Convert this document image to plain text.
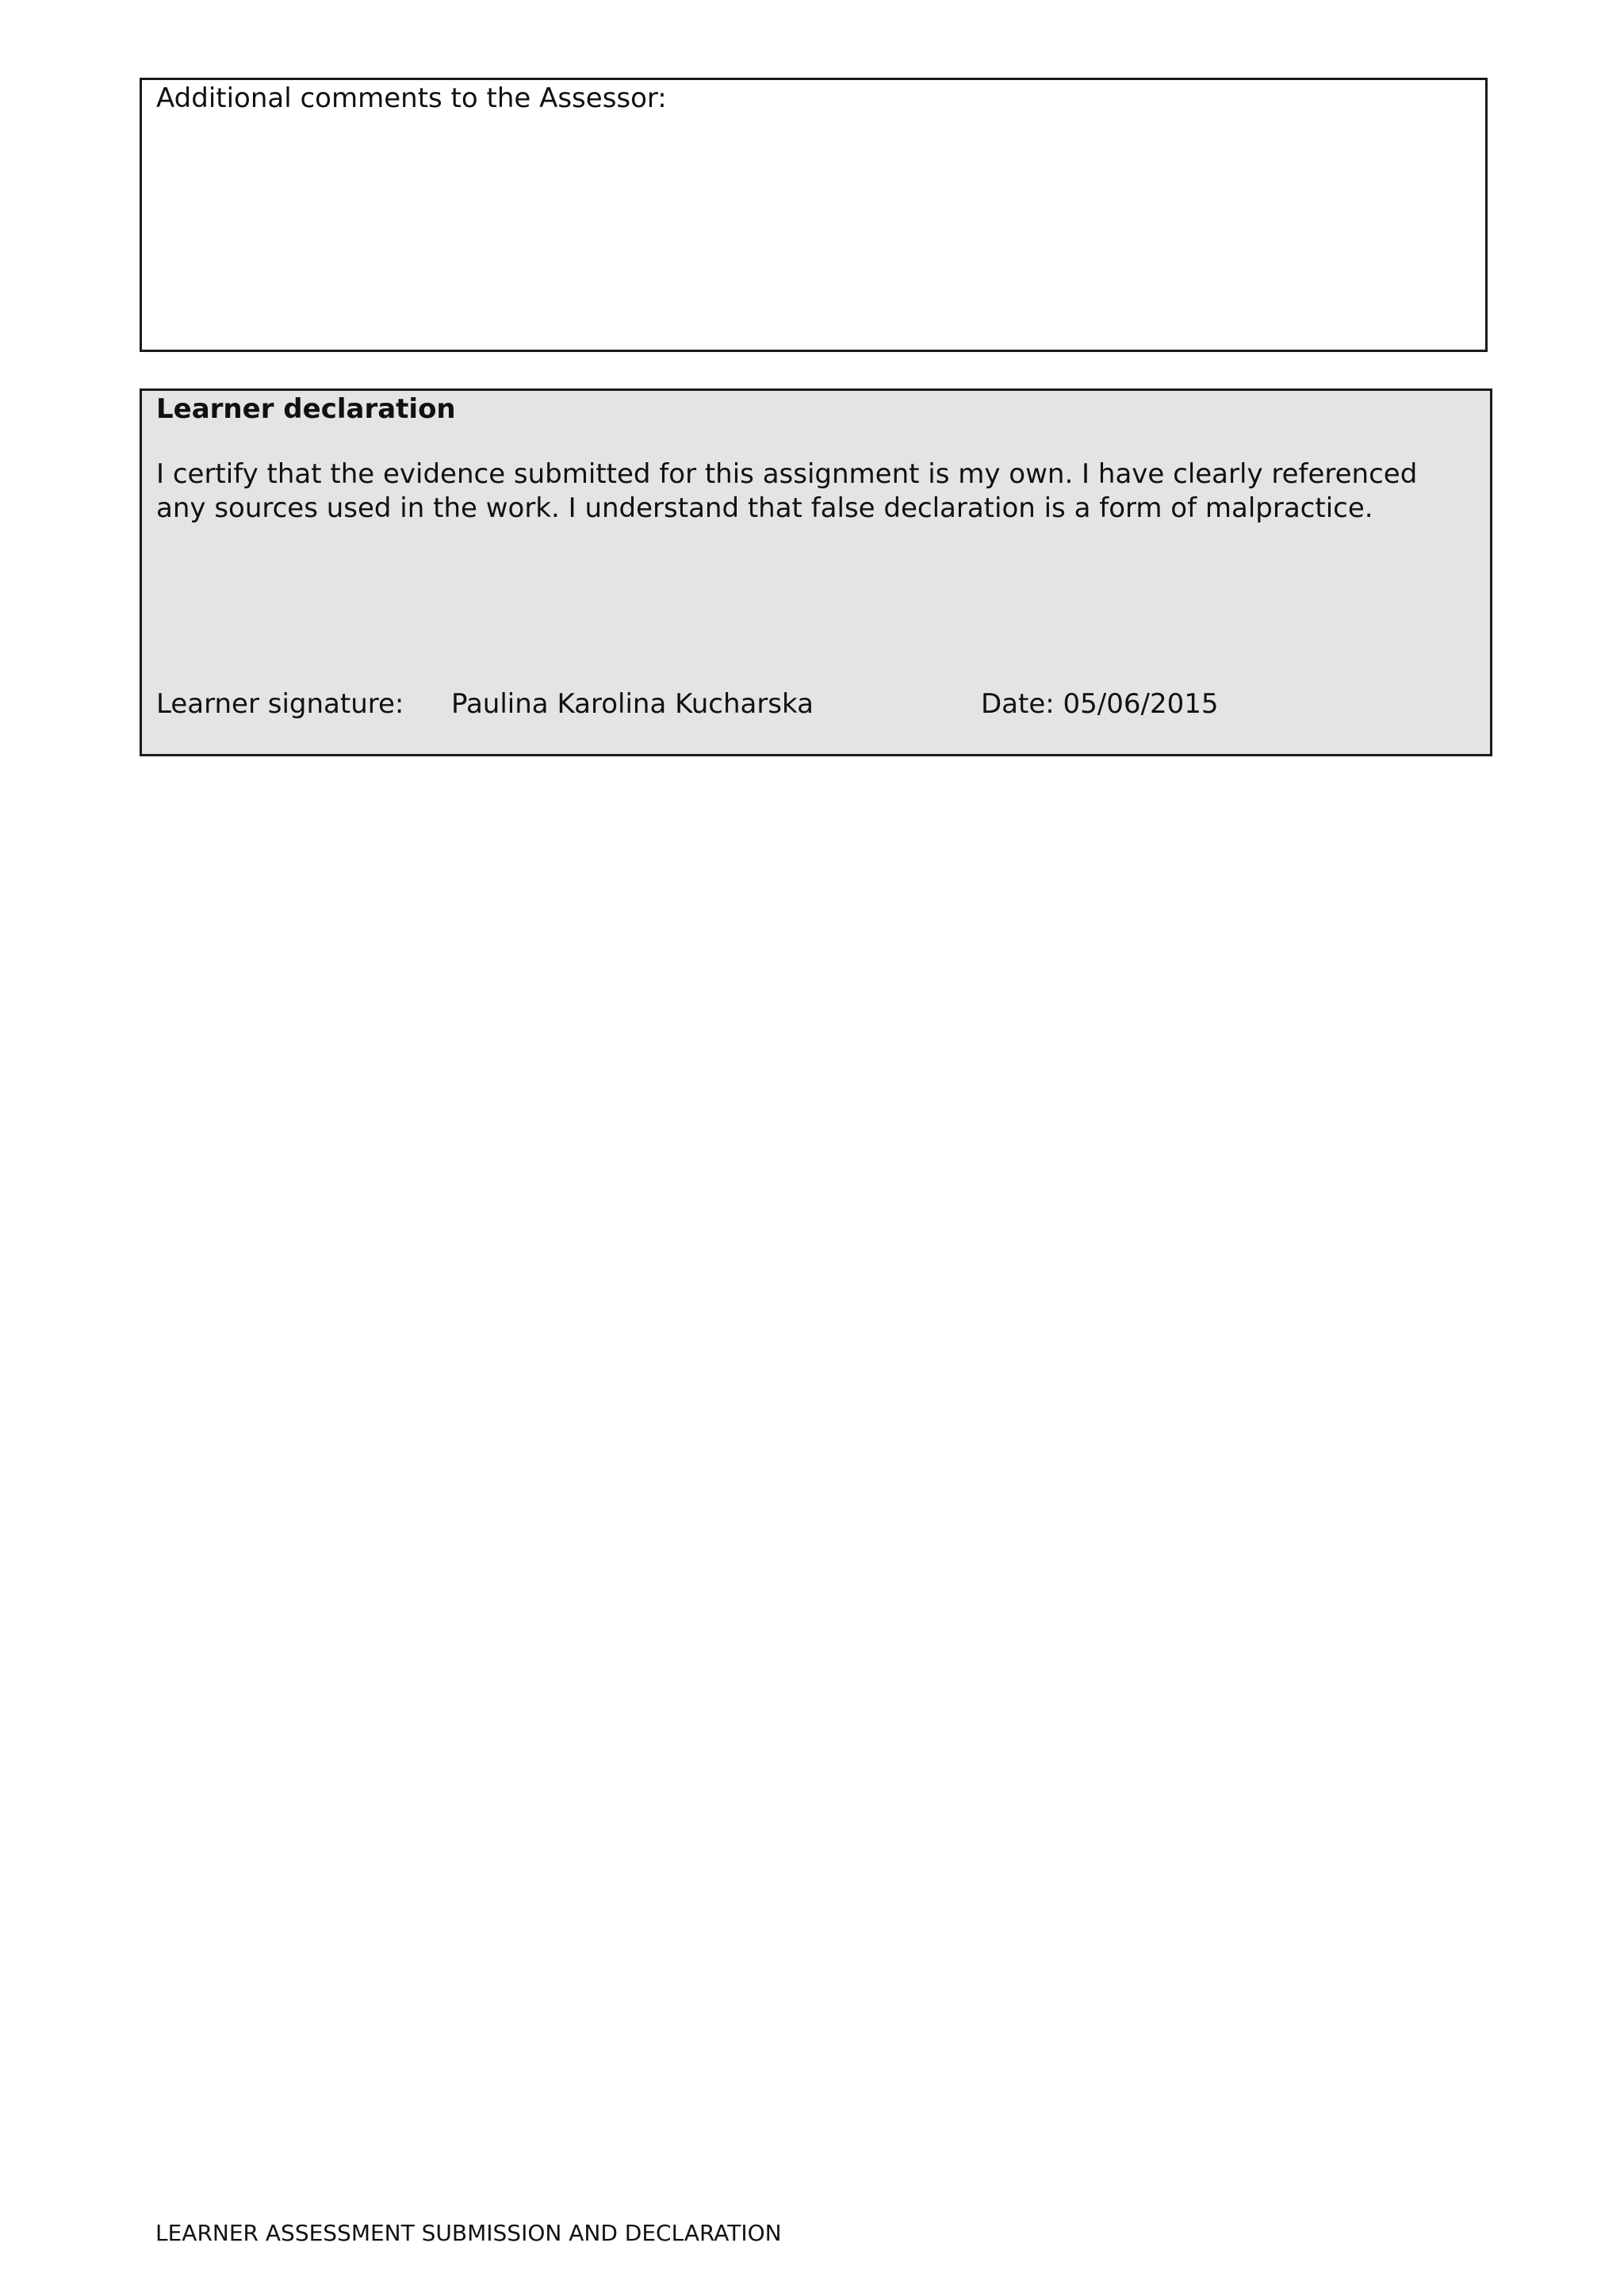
Additional comments to the Assessor:
Learner declaration
I certify that the evidence submitted for this assignment is my own. I have clearly referenced
any sources used in the work. I understand that false declaration is a form of malpractice.
Learner signature: Paulina Karolina Kucharska	Date: 05/06/2015
LEARNER ASSESSMENT SUBMISSION AND DECLARATION
